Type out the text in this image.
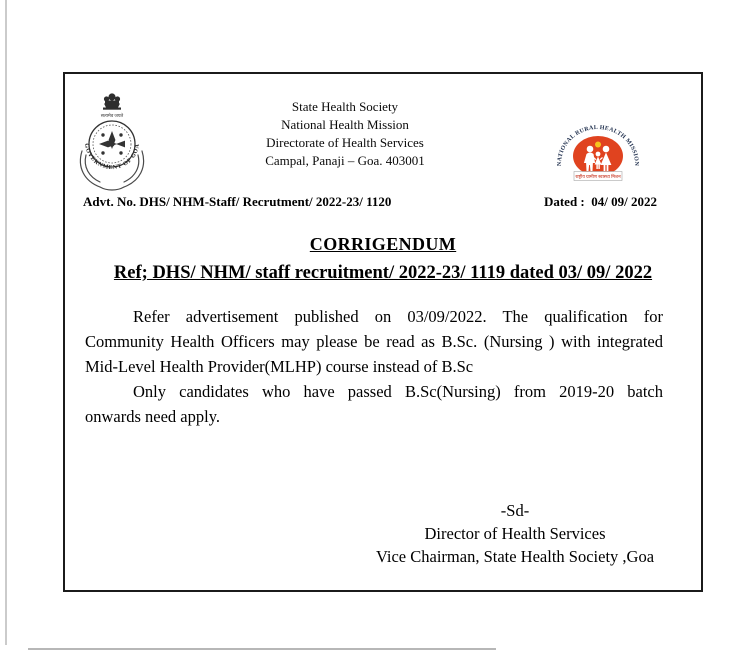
सत्यमेव जयते
GOVERNMENT OF GOA
State Health Society
National Health Mission
Directorate of Health Services
Campal, Panaji – Goa. 403001	NATIONAL RURAL HEALTH MISSION
राष्ट्रीय ग्रामीण स्वास्थ्य मिशन
Advt. No. DHS/ NHM-Staff/ Recrutment/ 2022-23/ 1120	Dated :  04/ 09/ 2022
CORRIGENDUM
Ref; DHS/ NHM/ staff recruitment/ 2022-23/ 1119 dated 03/ 09/ 2022
Refer advertisement published on 03/09/2022. The qualification for
Community Health Officers may please be read as B.Sc. (Nursing ) with integrated
Mid-Level Health Provider(MLHP) course instead of B.Sc
Only candidates who have passed B.Sc(Nursing) from 2019-20 batch
onwards need apply.
-Sd-
Director of Health Services
Vice Chairman, State Health Society ,Goa
